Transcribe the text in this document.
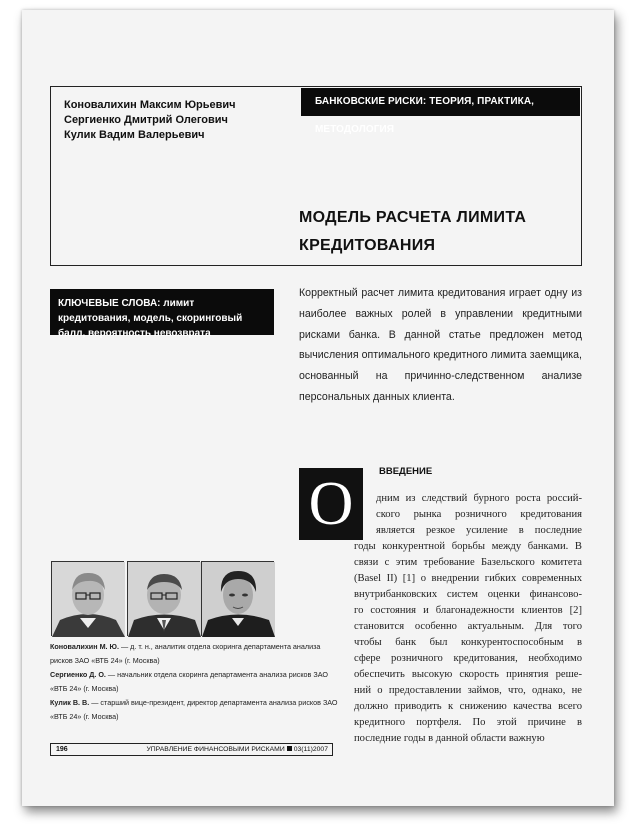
Коновалихин Максим Юрьевич
Сергиенко Дмитрий Олегович
Кулик Вадим Валерьевич
БАНКОВСКИЕ РИСКИ: ТЕОРИЯ, ПРАКТИКА, МЕТОДОЛОГИЯ
МОДЕЛЬ РАСЧЕТА ЛИМИТА
КРЕДИТОВАНИЯ
КЛЮЧЕВЫЕ СЛОВА: лимит кредитования, модель, скоринговый балл, вероятность невозврата
Корректный расчет лимита кредитования играет одну из наиболее важных ролей в управлении кредитными рисками банка. В данной статье предложен метод вычисления оптимального кредитного лимита заемщика, основанный на причинно-следственном анализе персональных данных клиента.
О	ВВЕДЕНИЕ
дним из следствий бурного роста россий-
ского рынка розничного кредитования
является резкое усиление в последние
годы конкурентной борьбы между банками. В
связи с этим требование Базельского комитета
(Basel II) [1] о внедрении гибких современных
внутрибанковских систем оценки финансово-
го состояния и благонадежности клиентов [2]
становится особенно актуальным. Для того
чтобы банк был конкурентоспособным в
сфере розничного кредитования, необходимо
обеспечить высокую скорость принятия реше-
ний о предоставлении займов, что, однако, не
должно приводить к снижению качества всего
кредитного портфеля. По этой причине в
последние годы в данной области важную
Коновалихин М. Ю. — д. т. н., аналитик отдела скоринга департамента анализа
рисков ЗАО «ВТБ 24» (г. Москва)
Сергиенко Д. О. — начальник отдела скоринга департамента анализа рисков ЗАО
«ВТБ 24» (г. Москва)
Кулик В. В. — старший вице-президент, директор департамента анализа рисков ЗАО
«ВТБ 24» (г. Москва)
196	УПРАВЛЕНИЕ ФИНАНСОВЫМИ РИСКАМИ 03(11)2007
